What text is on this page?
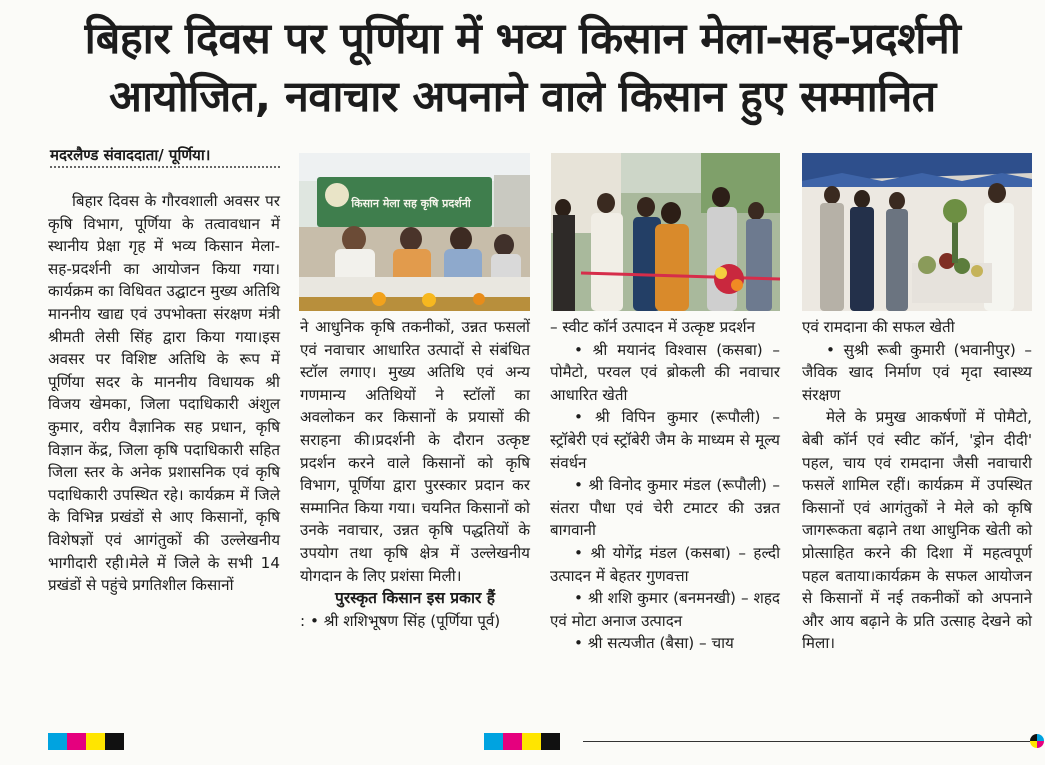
बिहार दिवस पर पूर्णिया में भव्य किसान मेला-सह-प्रदर्शनी
आयोजित, नवाचार अपनाने वाले किसान हुए सम्मानित
मदरलैण्ड संवाददाता/ पूर्णिया।

बिहार दिवस के गौरवशाली अवसर पर कृषि विभाग, पूर्णिया के तत्वावधान में स्थानीय प्रेक्षा गृह में भव्य किसान मेला-सह-प्रदर्शनी का आयोजन किया गया। कार्यक्रम का विधिवत उद्घाटन मुख्य अतिथि माननीय खाद्य एवं उपभोक्ता संरक्षण मंत्री श्रीमती लेसी सिंह द्वारा किया गया।इस अवसर पर विशिष्ट अतिथि के रूप में पूर्णिया सदर के माननीय विधायक श्री विजय खेमका, जिला पदाधिकारी अंशुल कुमार, वरीय वैज्ञानिक सह प्रधान, कृषि विज्ञान केंद्र, जिला कृषि पदाधिकारी सहित जिला स्तर के अनेक प्रशासनिक एवं कृषि पदाधिकारी उपस्थित रहे। कार्यक्रम में जिले के विभिन्न प्रखंडों से आए किसानों, कृषि विशेषज्ञों एवं आगंतुकों की उल्लेखनीय भागीदारी रही।मेले में जिले के सभी 14 प्रखंडों से पहुंचे प्रगतिशील किसानों

किसान मेला सह कृषि प्रदर्शनी

ने आधुनिक कृषि तकनीकों, उन्नत फसलों एवं नवाचार आधारित उत्पादों से संबंधित स्टॉल लगाए। मुख्य अतिथि एवं अन्य गणमान्य अतिथियों ने स्टॉलों का अवलोकन कर किसानों के प्रयासों की सराहना की।प्रदर्शनी के दौरान उत्कृष्ट प्रदर्शन करने वाले किसानों को कृषि विभाग, पूर्णिया द्वारा पुरस्कार प्रदान कर सम्मानित किया गया। चयनित किसानों को उनके नवाचार, उन्नत कृषि पद्धतियों के उपयोग तथा कृषि क्षेत्र में उल्लेखनीय योगदान के लिए प्रशंसा मिली।

पुरस्कृत किसान इस प्रकार हैं

: • श्री शशिभूषण सिंह (पूर्णिया पूर्व)

– स्वीट कॉर्न उत्पादन में उत्कृष्ट प्रदर्शन

• श्री मयानंद विश्वास (कसबा) – पोमैटो, परवल एवं ब्रोकली की नवाचार आधारित खेती

• श्री विपिन कुमार (रूपौली) – स्ट्रॉबेरी एवं स्ट्रॉबेरी जैम के माध्यम से मूल्य संवर्धन

• श्री विनोद कुमार मंडल (रूपौली) – संतरा पौधा एवं चेरी टमाटर की उन्नत बागवानी

• श्री योगेंद्र मंडल (कसबा) – हल्दी उत्पादन में बेहतर गुणवत्ता

• श्री शशि कुमार (बनमनखी) – शहद एवं मोटा अनाज उत्पादन

• श्री सत्यजीत (बैसा) – चाय

एवं रामदाना की सफल खेती

• सुश्री रूबी कुमारी (भवानीपुर) – जैविक खाद निर्माण एवं मृदा स्वास्थ्य संरक्षण

मेले के प्रमुख आकर्षणों में पोमैटो, बेबी कॉर्न एवं स्वीट कॉर्न, 'ड्रोन दीदी' पहल, चाय एवं रामदाना जैसी नवाचारी फसलें शामिल रहीं। कार्यक्रम में उपस्थित किसानों एवं आगंतुकों ने मेले को कृषि जागरूकता बढ़ाने तथा आधुनिक खेती को प्रोत्साहित करने की दिशा में महत्वपूर्ण पहल बताया।कार्यक्रम के सफल आयोजन से किसानों में नई तकनीकों को अपनाने और आय बढ़ाने के प्रति उत्साह देखने को मिला।
